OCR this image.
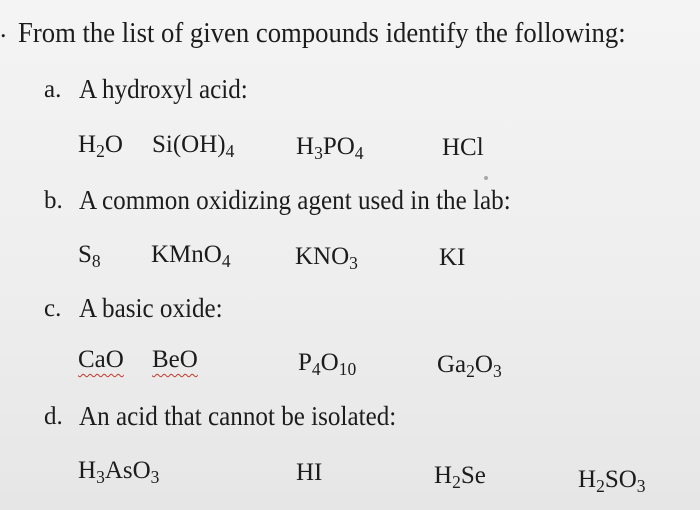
. From the list of given compounds identify the following:
a. A hydroxyl acid:
$H_2O$ $Si(OH)_4$ $H_3PO_4$	HCl
b. A common oxidizing agent used in the lab:
$S_8$ KMnO$_4$	$KNO_3$	KI
c. A basic oxide:
CaO BeO	$P_4O_{10}$	$Ga_2O_3$
d. An acid that cannot be isolated:
$H_3AsO_3$	HI	$H_2Se$	$H_2SO_3$
